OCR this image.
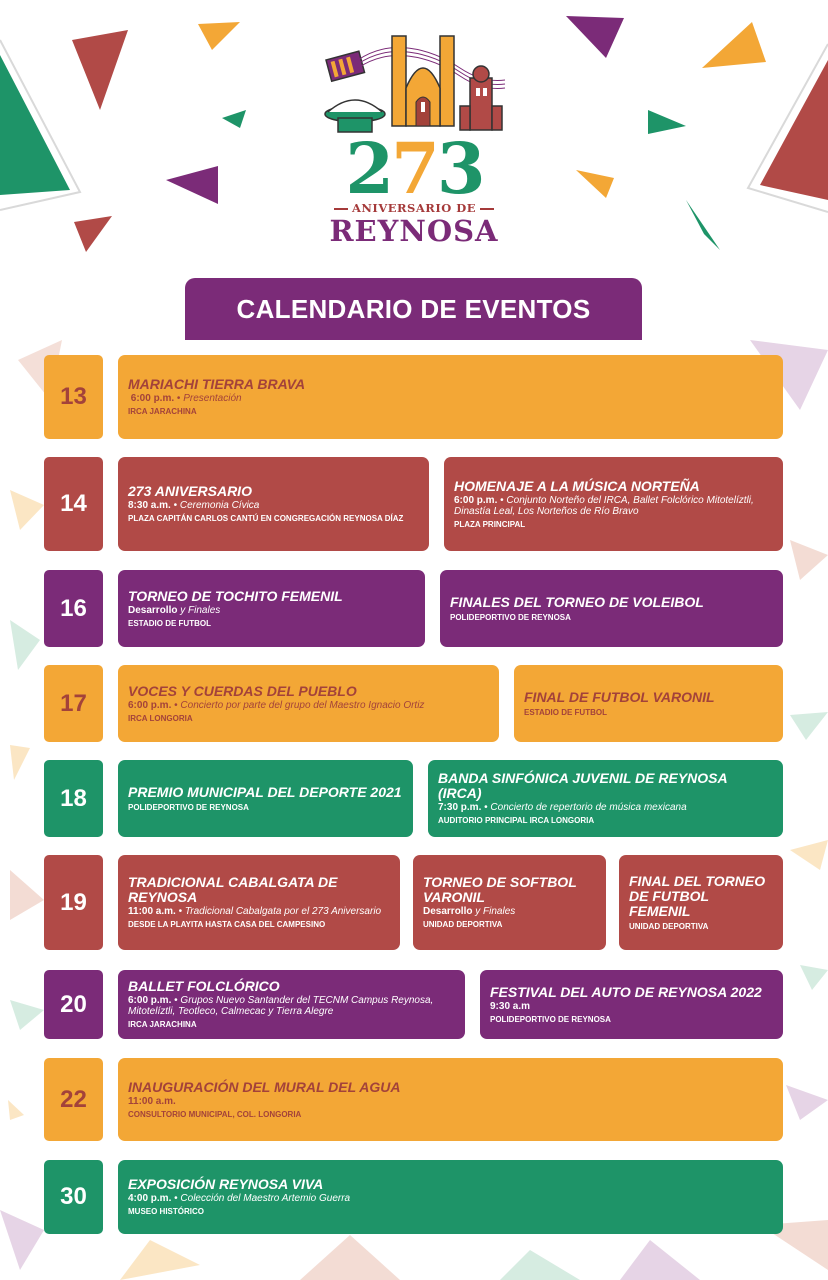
273
ANIVERSARIO DE
REYNOSA
CALENDARIO DE EVENTOS
13	MARIACHI TIERRA BRAVA
6:00 p.m. • Presentación
IRCA JARACHINA
14	273 ANIVERSARIO
8:30 a.m. • Ceremonia Cívica
PLAZA CAPITÁN CARLOS CANTÚ EN CONGREGACIÓN REYNOSA DÍAZ
HOMENAJE A LA MÚSICA NORTEÑA
6:00 p.m. • Conjunto Norteño del IRCA, Ballet Folclórico Mitotelíztli, Dinastía Leal, Los Norteños de Río Bravo
PLAZA PRINCIPAL
16	TORNEO DE TOCHITO FEMENIL
Desarrollo y Finales
ESTADIO DE FUTBOL
FINALES DEL TORNEO DE VOLEIBOL
POLIDEPORTIVO DE REYNOSA
17	VOCES Y CUERDAS DEL PUEBLO
6:00 p.m. • Concierto por parte del grupo del Maestro Ignacio Ortiz
IRCA LONGORIA
FINAL DE FUTBOL VARONIL
ESTADIO DE FUTBOL
18	PREMIO MUNICIPAL DEL DEPORTE 2021
POLIDEPORTIVO DE REYNOSA
BANDA SINFÓNICA JUVENIL DE REYNOSA (IRCA)
7:30 p.m. • Concierto de repertorio de música mexicana
AUDITORIO PRINCIPAL IRCA LONGORIA
19
TRADICIONAL CABALGATA DE REYNOSA
11:00 a.m. • Tradicional Cabalgata por el 273 Aniversario
DESDE LA PLAYITA HASTA CASA DEL CAMPESINO
TORNEO DE SOFTBOL VARONIL
Desarrollo y Finales
UNIDAD DEPORTIVA
FINAL DEL TORNEO DE FUTBOL FEMENIL
UNIDAD DEPORTIVA
20
BALLET FOLCLÓRICO
6:00 p.m. • Grupos Nuevo Santander del TECNM Campus Reynosa, Mitotelíztli, Teotleco, Calmecac y Tierra Alegre
IRCA JARACHINA
FESTIVAL DEL AUTO DE REYNOSA 2022
9:30 a.m
POLIDEPORTIVO DE REYNOSA
22	INAUGURACIÓN DEL MURAL DEL AGUA
11:00 a.m.
CONSULTORIO MUNICIPAL, COL. LONGORIA
30	EXPOSICIÓN REYNOSA VIVA
4:00 p.m. • Colección del Maestro Artemio Guerra
MUSEO HISTÓRICO
